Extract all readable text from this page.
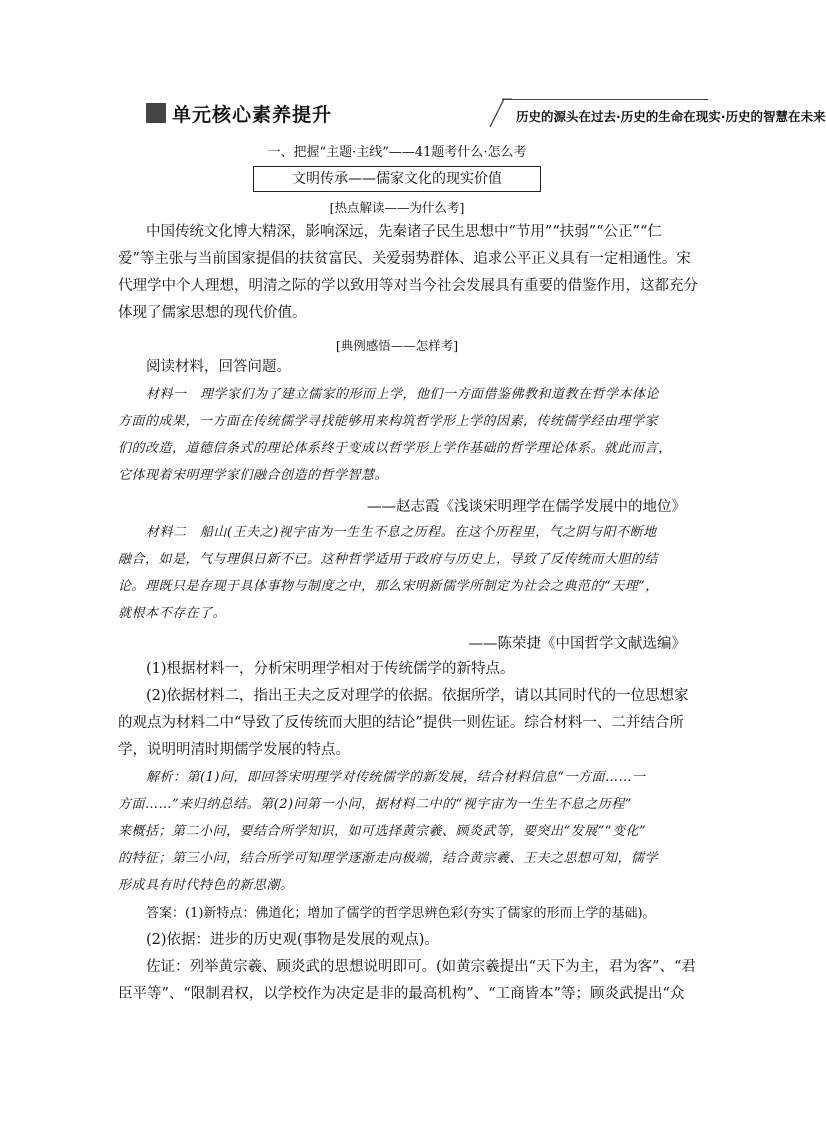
单元核心素养提升	历史的源头在过去·历史的生命在现实·历史的智慧在未来
一、把握“主题·主线”——41题考什么·怎么考
文明传承——儒家文化的现实价值
[热点解读——为什么考]
中国传统文化博大精深，影响深远，先秦诸子民生思想中“节用”“扶弱”“公正”“仁
爱”等主张与当前国家提倡的扶贫富民、关爱弱势群体、追求公平正义具有一定相通性。宋
代理学中个人理想，明清之际的学以致用等对当今社会发展具有重要的借鉴作用，这都充分
体现了儒家思想的现代价值。
[典例感悟——怎样考]
阅读材料，回答问题。
材料一　理学家们为了建立儒家的形而上学，他们一方面借鉴佛教和道教在哲学本体论
方面的成果，一方面在传统儒学寻找能够用来构筑哲学形上学的因素，传统儒学经由理学家
们的改造，道德信条式的理论体系终于变成以哲学形上学作基础的哲学理论体系。就此而言，
它体现着宋明理学家们融合创造的哲学智慧。
——赵志霞《浅谈宋明理学在儒学发展中的地位》
材料二　船山(王夫之)视宇宙为一生生不息之历程。在这个历程里，气之阴与阳不断地
融合，如是，气与理俱日新不已。这种哲学适用于政府与历史上，导致了反传统而大胆的结
论。理既只是存现于具体事物与制度之中，那么宋明新儒学所制定为社会之典范的“天理”，
就根本不存在了。
——陈荣捷《中国哲学文献选编》
(1)根据材料一，分析宋明理学相对于传统儒学的新特点。
(2)依据材料二，指出王夫之反对理学的依据。依据所学，请以其同时代的一位思想家
的观点为材料二中“导致了反传统而大胆的结论”提供一则佐证。综合材料一、二并结合所
学，说明明清时期儒学发展的特点。
解析：第(1)问，即回答宋明理学对传统儒学的新发展，结合材料信息“一方面……一
方面……”来归纳总结。第(2)问第一小问，据材料二中的“视宇宙为一生生不息之历程”
来概括；第二小问，要结合所学知识，如可选择黄宗羲、顾炎武等，要突出“发展”“变化”
的特征；第三小问，结合所学可知理学逐渐走向极端，结合黄宗羲、王夫之思想可知，儒学
形成具有时代特色的新思潮。
答案：(1)新特点：佛道化；增加了儒学的哲学思辨色彩(夯实了儒家的形而上学的基础)。
(2)依据：进步的历史观(事物是发展的观点)。
佐证：列举黄宗羲、顾炎武的思想说明即可。(如黄宗羲提出“天下为主，君为客”、“君
臣平等”、“限制君权，以学校作为决定是非的最高机构”、“工商皆本”等；顾炎武提出“众
